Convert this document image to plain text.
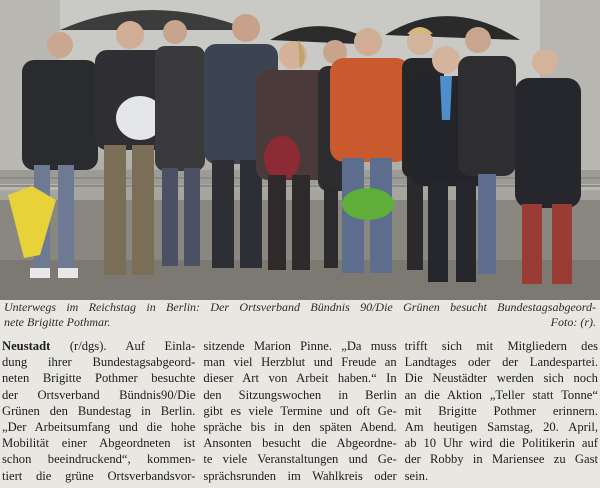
Unterwegs im Reichstag in Berlin: Der Ortsverband Bündnis 90/Die Grünen besucht Bundestagsabgeord-
nete Brigitte Pothmar.	Foto: (r).
Neustadt (r/dgs). Auf Einla-
dung ihrer Bundestagsabgeord-
neten Brigitte Pothmer besuchte
der Ortsverband Bündnis90/Die
Grünen den Bundestag in Berlin.
„Der Arbeitsumfang und die hohe
Mobilität einer Abgeordneten ist
schon beeindruckend“, kommen-
tiert die grüne Ortsverbandsvor-
sitzende Marion Pinne. „Da muss
man viel Herzblut und Freude an
dieser Art von Arbeit haben.“ In
den Sitzungswochen in Berlin
gibt es viele Termine und oft Ge-
spräche bis in den späten Abend.
Ansonten besucht die Abgeordne-
te viele Veranstaltungen und Ge-
sprächsrunden im Wahlkreis oder
trifft sich mit Mitgliedern des
Landtages oder der Landespartei.
Die Neustädter werden sich noch
an die Aktion „Teller statt Tonne“
mit Brigitte Pothmer erinnern.
Am heutigen Samstag, 20. April,
ab 10 Uhr wird die Politikerin auf
der Robby in Mariensee zu Gast
sein.
